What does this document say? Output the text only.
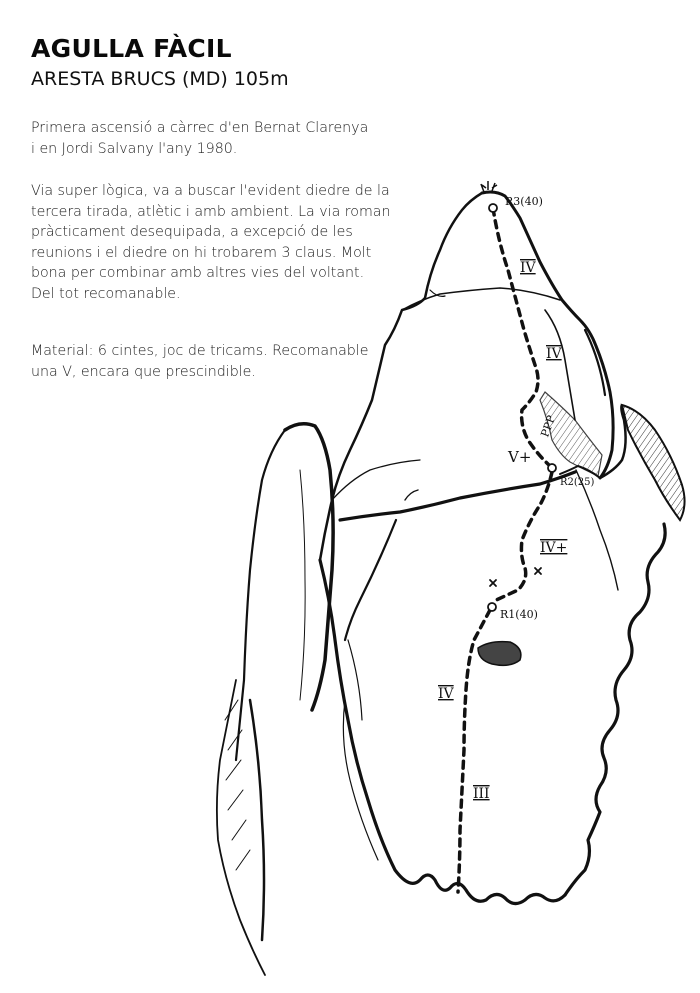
AGULLA FÀCIL
ARESTA BRUCS (MD) 105m

Primera ascensió a càrrec d'en Bernat Clarenya
i en Jordi Salvany l'any 1980.

Via super lògica, va a buscar l'evident diedre de la
tercera tirada, atlètic i amb ambient. La via roman
pràcticament desequipada, a excepció de les
reunions i el diedre on hi trobarem 3 claus. Molt
bona per combinar amb altres vies del voltant.
Del tot recomanable.

Material: 6 cintes, joc de tricams. Recomanable
una V, encara que prescindible.

R3(40)
R2(25)
R1(40)
IV
IV
PPP
V+
IV+
IV
III
